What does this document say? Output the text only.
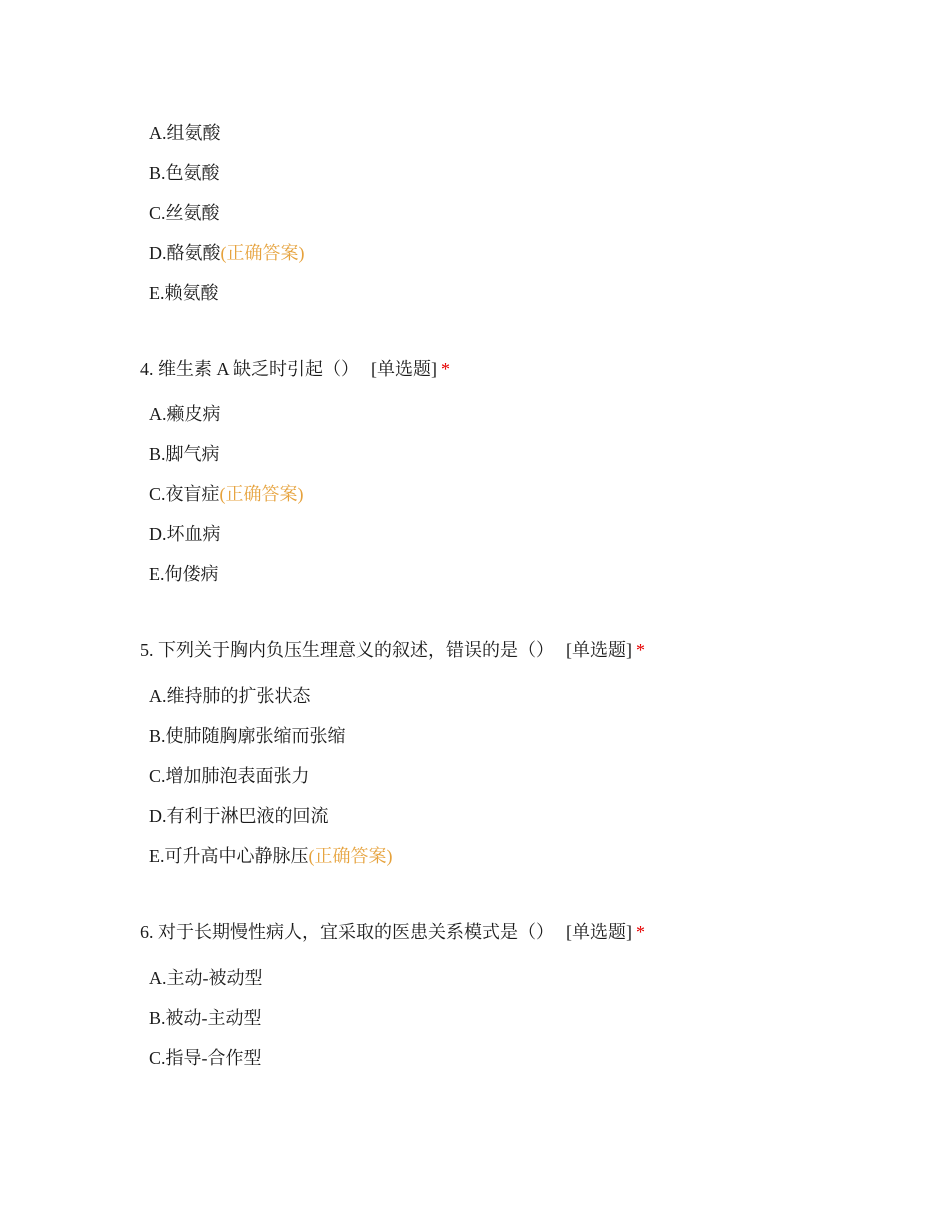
A.组氨酸
B.色氨酸
C.丝氨酸
D.酪氨酸(正确答案)
E.赖氨酸
4. 维生素 A 缺乏时引起（） [单选题] *
A.癞皮病
B.脚气病
C.夜盲症(正确答案)
D.坏血病
E.佝偻病
5. 下列关于胸内负压生理意义的叙述，错误的是（） [单选题] *
A.维持肺的扩张状态
B.使肺随胸廓张缩而张缩
C.增加肺泡表面张力
D.有利于淋巴液的回流
E.可升高中心静脉压(正确答案)
6. 对于长期慢性病人，宜采取的医患关系模式是（） [单选题] *
A.主动-被动型
B.被动-主动型
C.指导-合作型
